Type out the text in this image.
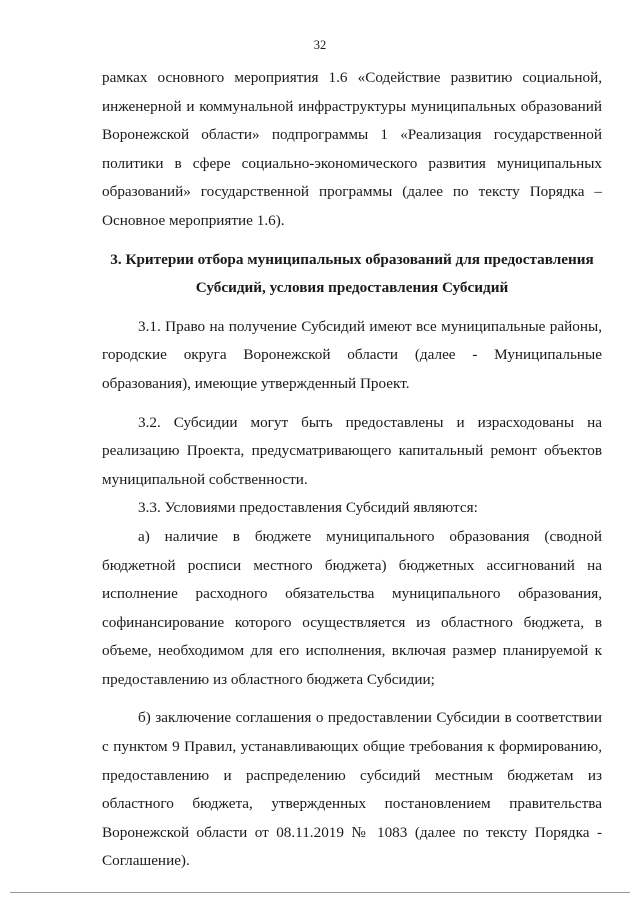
32
рамках основного мероприятия 1.6 «Содействие развитию социальной,
инженерной и коммунальной инфраструктуры муниципальных образований
Воронежской области» подпрограммы 1 «Реализация государственной
политики в сфере социально-экономического развития муниципальных
образований» государственной программы (далее по тексту Порядка –
Основное мероприятие 1.6).
3. Критерии отбора муниципальных образований для предоставления
Субсидий, условия предоставления Субсидий
3.1. Право на получение Субсидий имеют все муниципальные районы,
городские округа Воронежской области (далее - Муниципальные
образования), имеющие утвержденный Проект.
3.2. Субсидии могут быть предоставлены и израсходованы на
реализацию Проекта, предусматривающего капитальный ремонт объектов
муниципальной собственности.
3.3. Условиями предоставления Субсидий являются:
а) наличие в бюджете муниципального образования (сводной
бюджетной росписи местного бюджета) бюджетных ассигнований на
исполнение расходного обязательства муниципального образования,
софинансирование которого осуществляется из областного бюджета, в
объеме, необходимом для его исполнения, включая размер планируемой к
предоставлению из областного бюджета Субсидии;
б) заключение соглашения о предоставлении Субсидии в соответствии
с пунктом 9 Правил, устанавливающих общие требования к формированию,
предоставлению и распределению субсидий местным бюджетам из
областного бюджета, утвержденных постановлением правительства
Воронежской области от 08.11.2019 № 1083 (далее по тексту Порядка -
Соглашение).
